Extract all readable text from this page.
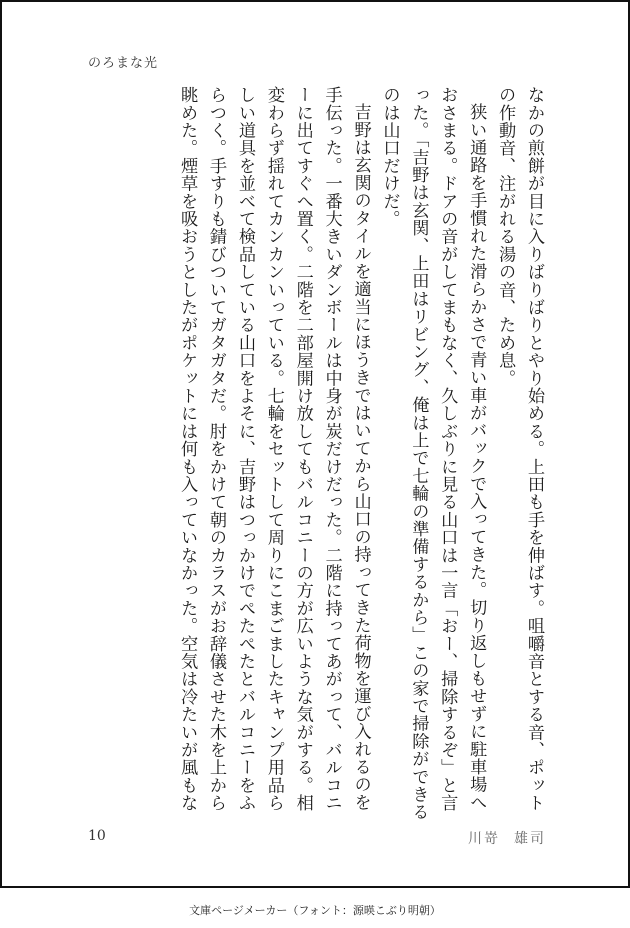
のろまな光

なかの煎餅が目に入りばりばりとやり始める。上田も手を伸ばす。咀嚼音とする音、ポットの作動音、注がれる湯の音、ため息。

狭い通路を手慣れた滑らかさで青い車がバックで入ってきた。切り返しもせずに駐車場へおさまる。ドアの音がしてまもなく、久しぶりに見る山口は一言「おー、掃除するぞ」と言った。「吉野は玄関、上田はリビング、俺は上で七輪の準備するから」この家で掃除ができるのは山口だけだ。

吉野は玄関のタイルを適当にほうきではいてから山口の持ってきた荷物を運び入れるのを手伝った。一番大きいダンボールは中身が炭だけだった。二階に持ってあがって、バルコニーに出てすぐへ置く。二階を二部屋開け放してもバルコニーの方が広いような気がする。相変わらず揺れてカンカンいっている。七輪をセットして周りにこまごましたキャンプ用品らしい道具を並べて検品している山口をよそに、吉野はつっかけでぺたぺたとバルコニーをふらつく。手すりも錆びついてガタガタだ。肘をかけて朝のカラスがお辞儀させた木を上から眺めた。煙草を吸おうとしたがポケットには何も入っていなかった。空気は冷たいが風もな

10	川嵜 雄司
文庫ページメーカー（フォント：源暎こぶり明朝）
